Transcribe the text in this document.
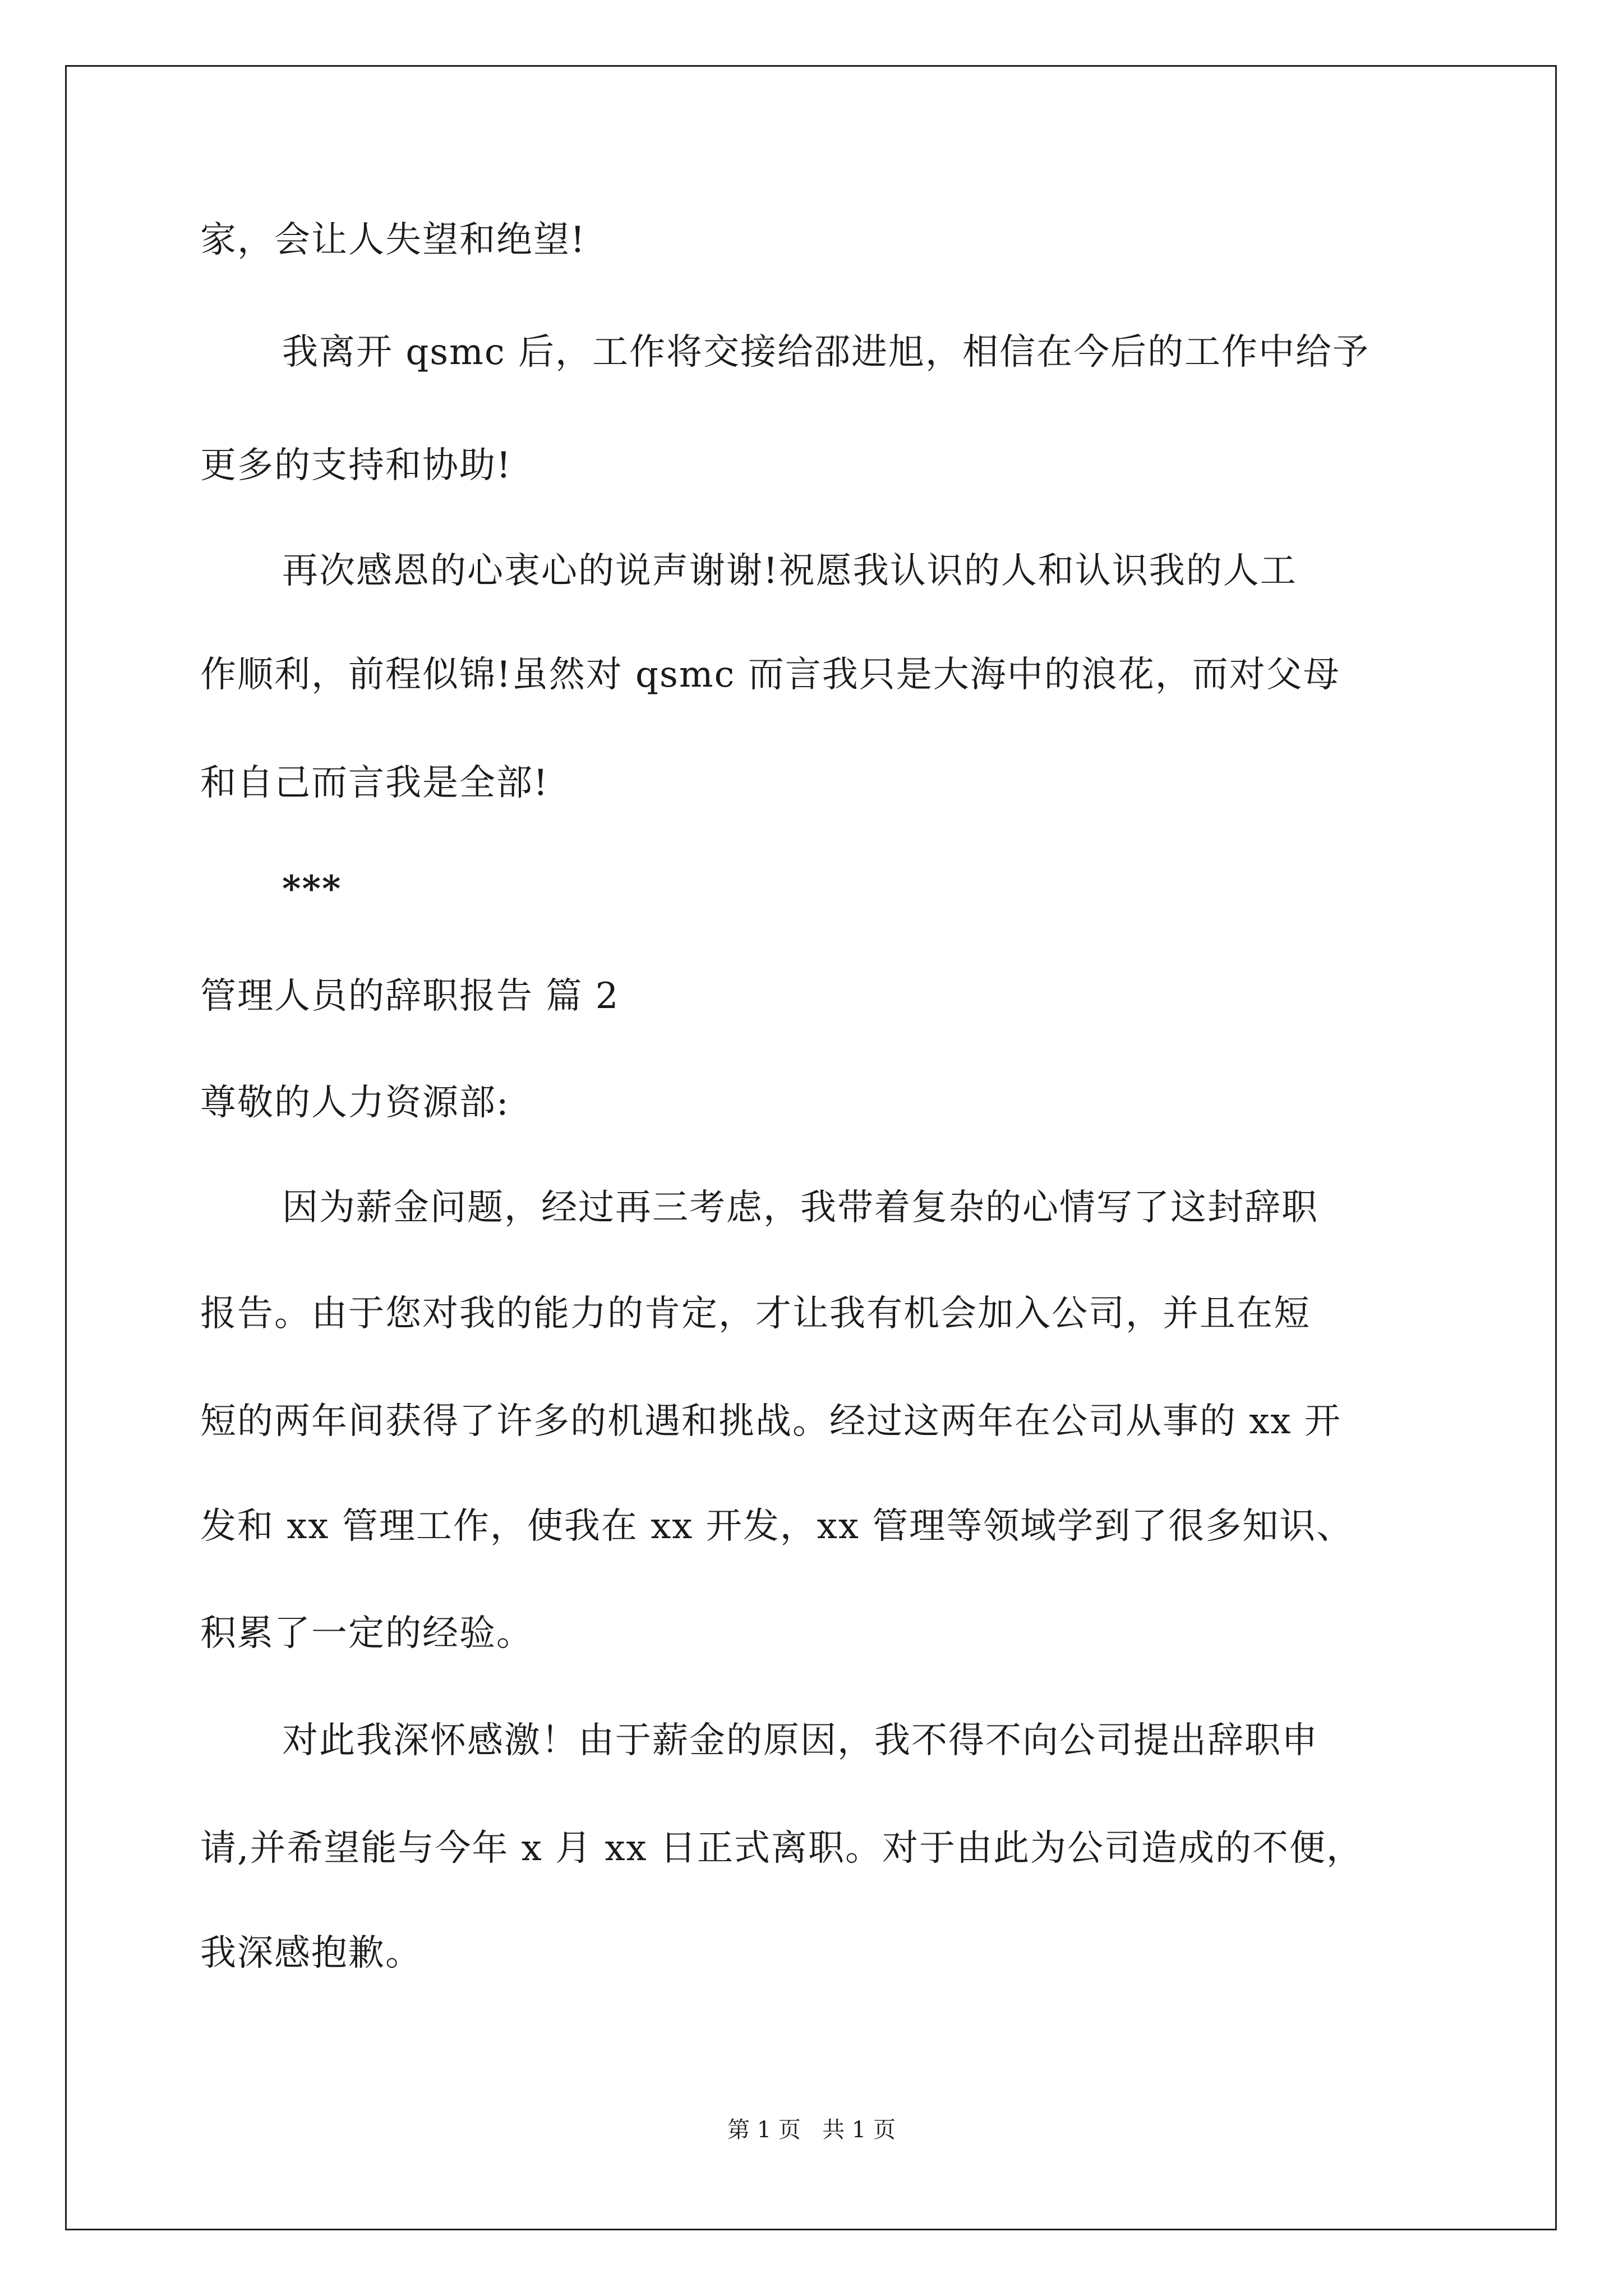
家，会让人失望和绝望!
我离开 qsmc 后，工作将交接给邵进旭，相信在今后的工作中给予
更多的支持和协助!
再次感恩的心衷心的说声谢谢!祝愿我认识的人和认识我的人工
作顺利，前程似锦!虽然对 qsmc 而言我只是大海中的浪花，而对父母
和自己而言我是全部!
***
管理人员的辞职报告 篇 2
尊敬的人力资源部:
因为薪金问题，经过再三考虑，我带着复杂的心情写了这封辞职
报告。由于您对我的能力的肯定，才让我有机会加入公司，并且在短
短的两年间获得了许多的机遇和挑战。经过这两年在公司从事的 xx 开
发和 xx 管理工作，使我在 xx 开发，xx 管理等领域学到了很多知识、
积累了一定的经验。
对此我深怀感激！由于薪金的原因，我不得不向公司提出辞职申
请,并希望能与今年 x 月 xx 日正式离职。对于由此为公司造成的不便，
我深感抱歉。
第 1 页   共 1 页
